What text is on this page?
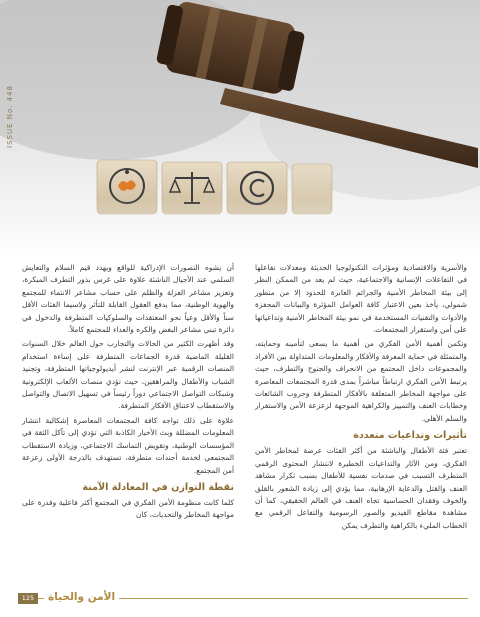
ISSUE No. 448

والأسرية والاقتصادية ومؤثرات التكنولوجيا الحديثة ومعدلات تفاعلها في التفاعلات الإنسانية والاجتماعية، حيث لم يعد من الممكن النظر إلى بيئة المخاطر الأمنية والجرائم العابرة للحدود إلا من منظور شمولي، يأخذ بعين الاعتبار كافة العوامل المؤثرة والبيانات المحفزة والأدوات والتقنيات المستخدمة في نمو بيئة المخاطر الأمنية وتداعياتها على أمن واستقرار المجتمعات.

وتكمن أهمية الأمن الفكري من أهمية ما يسعى لتأمينه وحمايته، والمتمثلة في حماية المعرفة والأفكار والمعلومات المتداولة بين الأفراد والمجموعات داخل المجتمع من الانحراف والجنوح والتطرف، حيث يرتبط الأمن الفكري ارتباطاً مباشراً بمدى قدرة المجتمعات المعاصرة على مواجهة المخاطر المتعلقة بالأفكار المتطرفة وحروب الشائعات وخطابات العنف والتمييز والكراهية الموجهة لزعزعة الأمن والاستقرار والسلم الأهلي.

تأثيرات وتداعيات متعددة

تعتبر فئة الأطفال والناشئة من أكثر الفئات عرضة لمخاطر الأمن الفكري، ومن الآثار والتداعيات الخطيرة لانتشار المحتوى الرقمي المتطرف التسبب في صدمات نفسية للأطفال بسبب تكرار مشاهد العنف والقتل والدعاية الإرهابية، مما يؤدي إلى زيادة الشعور بالقلق والخوف وفقدان الحساسية تجاه العنف في العالم الحقيقي، كما أن مشاهدة مقاطع الفيديو والصور الرسومية والتفاعل الرقمي مع الخطاب المليء بالكراهية والتطرف يمكن

أن يشوه التصورات الإدراكية للواقع ويهدد قيم السلام والتعايش السلمي عند الأجيال الناشئة علاوة على غرس بذور التطرف المبكرة، وتعزيز مشاعر العزلة والظلم على حساب مشاعر الانتماء للمجتمع والهوية الوطنية، مما يدفع العقول القابلة للتأثر ولاسيما الفئات الأقل سناً والأقل وعياً نحو المعتقدات والسلوكيات المتطرفة والدخول في دائرة تبني مشاعر البغض والكره والعداء للمجتمع كاملاً.

وقد أظهرت الكثير من الحالات والتجارب حول العالم خلال السنوات القليلة الماضية قدرة الجماعات المتطرفة على إساءة استخدام المنصات الرقمية عبر الإنترنت لنشر أيديولوجياتها المتطرفة، وتجنيد الشباب والأطفال والمراهقين، حيث تؤدي منصات الألعاب الإلكترونية وشبكات التواصل الاجتماعي دوراً رئيساً في تسهيل الاتصال والتواصل والاستقطاب لاعتناق الأفكار المتطرفة.

علاوة على ذلك تواجه كافة المجتمعات المعاصرة إشكالية انتشار المعلومات المضللة وبث الأخبار الكاذبة التي تؤدي إلى تآكل الثقة في المؤسسات الوطنية، وتقويض التماسك الاجتماعي، وزيادة الاستقطاب المجتمعي لخدمة أجندات متطرفة، تستهدف بالدرجة الأولى زعزعة أمن المجتمع.

نقطة التوازن في المعادلة الآمنة

كلما كانت منظومة الأمن الفكري في المجتمع أكثر فاعلية وقدرة على مواجهة المخاطر والتحديات، كان

125	الأمن والحياة
